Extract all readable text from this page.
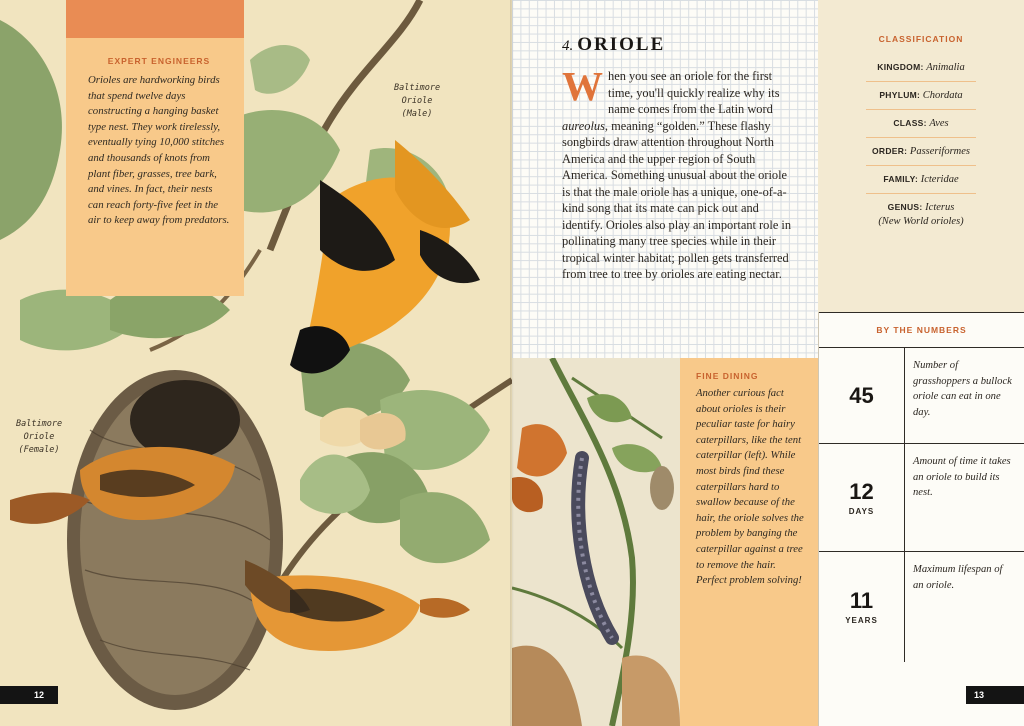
EXPERT ENGINEERS
Orioles are hardworking birds that spend twelve days constructing a hanging basket type nest. They work tirelessly, eventually tying 10,000 stitches and thousands of knots from plant fiber, grasses, tree bark, and vines. In fact, their nests can reach forty-five feet in the air to keep away from predators.
Baltimore
Oriole
(Male)
Baltimore
Oriole
(Female)
12
4. ORIOLE

When you see an oriole for the first time, you'll quickly realize why its name comes from the Latin word aureolus, meaning “golden.” These flashy songbirds draw attention throughout North America and the upper region of South America. Something unusual about the oriole is that the male oriole has a unique, one-of-a-kind song that its mate can pick out and identify. Orioles also play an important role in pollinating many tree species while in their tropical winter habitat; pollen gets transferred from tree to tree by orioles are eating nectar.

FINE DINING
Another curious fact about orioles is their peculiar taste for hairy caterpillars, like the tent caterpillar (left). While most birds find these caterpillars hard to swallow because of the hair, the oriole solves the problem by banging the caterpillar against a tree to remove the hair. Perfect problem solving!
CLASSIFICATION
KINGDOM: Animalia
PHYLUM: Chordata
CLASS: Aves
ORDER: Passeriformes
FAMILY: Icteridae
GENUS: Icterus
(New World orioles)
BY THE NUMBERS
45
Number of grasshoppers a bullock oriole can eat in one day.
12
DAYS
Amount of time it takes an oriole to build its nest.
11
YEARS
Maximum lifespan of an oriole.
13
